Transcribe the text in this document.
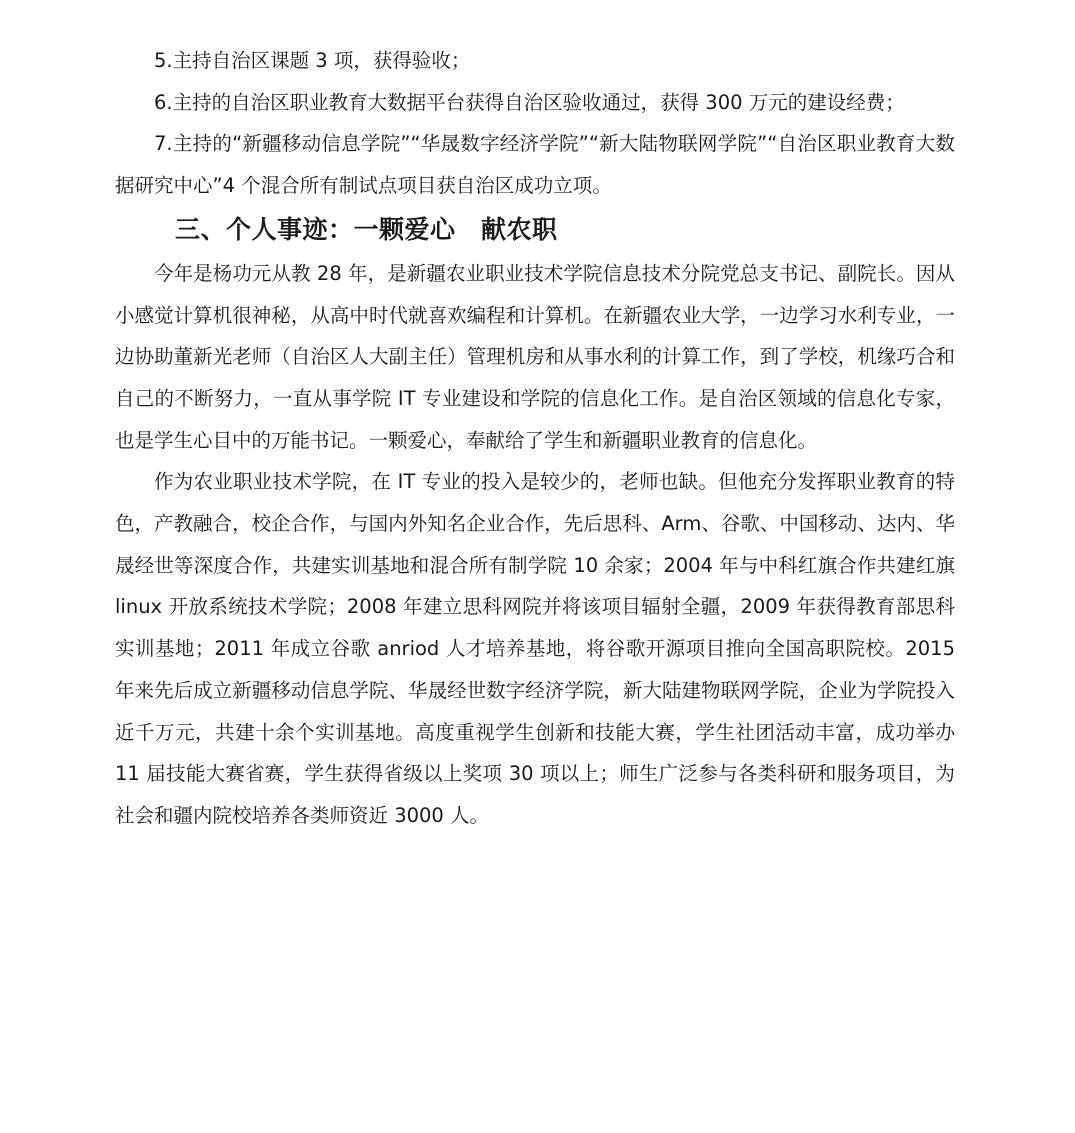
5.主持自治区课题 3 项，获得验收；

6.主持的自治区职业教育大数据平台获得自治区验收通过，获得 300 万元的建设经费；

7.主持的“新疆移动信息学院”“华晟数字经济学院”“新大陆物联网学院”“自治区职业教育大数据研究中心”4 个混合所有制试点项目获自治区成功立项。

三、个人事迹：一颗爱心　献农职

今年是杨功元从教 28 年，是新疆农业职业技术学院信息技术分院党总支书记、副院长。因从小感觉计算机很神秘，从高中时代就喜欢编程和计算机。在新疆农业大学，一边学习水利专业，一边协助董新光老师（自治区人大副主任）管理机房和从事水利的计算工作，到了学校，机缘巧合和自己的不断努力，一直从事学院 IT 专业建设和学院的信息化工作。是自治区领域的信息化专家，也是学生心目中的万能书记。一颗爱心，奉献给了学生和新疆职业教育的信息化。

作为农业职业技术学院，在 IT 专业的投入是较少的，老师也缺。但他充分发挥职业教育的特色，产教融合，校企合作，与国内外知名企业合作，先后思科、Arm、谷歌、中国移动、达内、华晟经世等深度合作，共建实训基地和混合所有制学院 10 余家；2004 年与中科红旗合作共建红旗 linux 开放系统技术学院；2008 年建立思科网院并将该项目辐射全疆，2009 年获得教育部思科实训基地；2011 年成立谷歌 anriod 人才培养基地，将谷歌开源项目推向全国高职院校。2015 年来先后成立新疆移动信息学院、华晟经世数字经济学院，新大陆建物联网学院，企业为学院投入近千万元，共建十余个实训基地。高度重视学生创新和技能大赛，学生社团活动丰富，成功举办 11 届技能大赛省赛，学生获得省级以上奖项 30 项以上；师生广泛参与各类科研和服务项目，为社会和疆内院校培养各类师资近 3000 人。
